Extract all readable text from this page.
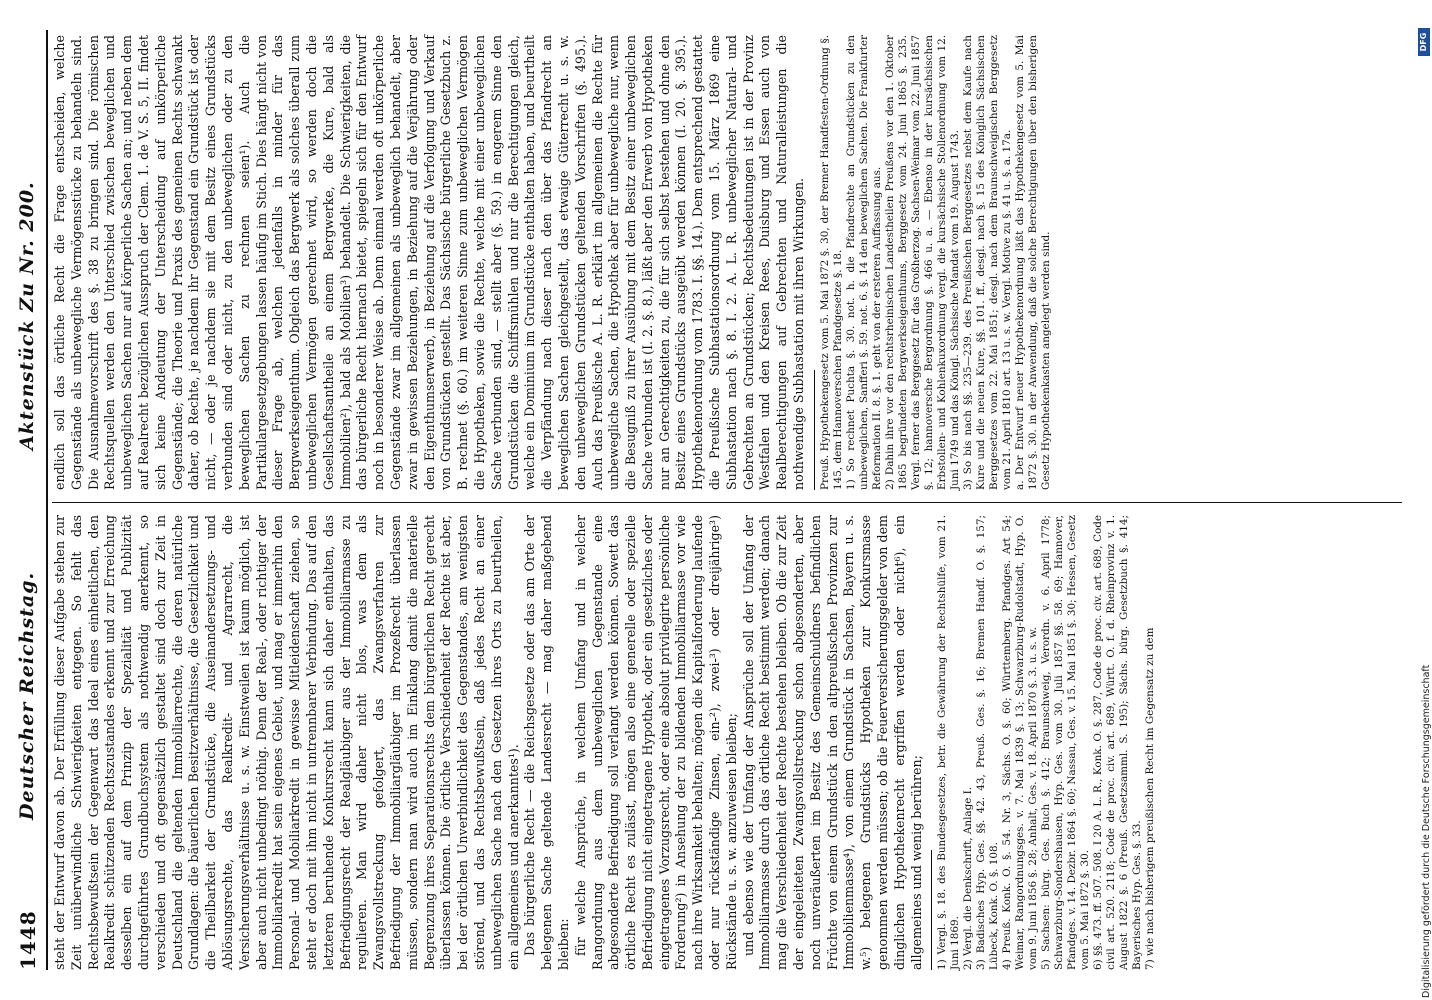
1448
Deutscher Reichstag.
Aktenstück Zu Nr. 200.

steht der Entwurf davon ab. Der Erfüllung dieser Aufgabe stehen zur Zeit unüberwindliche Schwierigkeiten entgegen. So fehlt das Rechtsbewußtsein der Gegenwart das Ideal eines einheitlichen, den Realkredit schützenden Rechtszustandes erkennt und zur Erreichung desselben ein auf dem Prinzip der Spezialität und Publizität durchgeführtes Grundbuchsystem als nothwendig anerkennt, so verschieden und oft gegensätzlich gestaltet sind doch zur Zeit in Deutschland die geltenden Immobiliarrechte, die deren natürliche Grundlagen: die bäuerlichen Besitzverhältnisse, die Gesetzlichkeit und die Theilbarkeit der Grundstücke, die Auseinandersetzungs- und Ablösungsrechte, das Realkredit- und Agrarrecht, die Versicherungsverhältnisse u. s. w. Einstweilen ist kaum möglich, ist aber auch nicht unbedingt nöthig. Denn der Real-, oder richtiger der Immobiliarkredit hat sein eigenes Gebiet, und mag er immerhin den Personal- und Mobiliarkredit in gewisse Mitleidenschaft ziehen, so steht er doch mit ihm nicht in untrennbarer Verbindung. Das auf den letzteren beruhende Konkursrecht kann sich daher enthalten, das Befriedigungsrecht der Realgläubiger aus der Immobiliarmasse zu regulieren. Man wird daher nicht blos, was dem als Zwangsvollstreckung gefolgert, das Zwangsverfahren zur Befriedigung der Immobiliargläubiger im Prozeßrecht überlassen müssen, sondern man wird auch im Einklang damit die materielle Begrenzung ihres Separationsrechts dem bürgerlichen Recht gerecht überlassen können. Die örtliche Verschiedenheit der Rechte ist aber, bei der örtlichen Unverbindlichkeit des Gegenstandes, am wenigsten störend, und das Rechtsbewußtsein, daß jedes Recht an einer unbeweglichen Sache nach den Gesetzen ihres Orts zu beurtheilen, ein allgemeines und anerkanntes¹). Das bürgerliche Recht — die Reichsgesetze oder das am Orte der belegenen Sache geltende Landesrecht — mag daher maßgebend bleiben: für welche Ansprüche, in welchem Umfang und in welcher Rangordnung aus dem unbeweglichen Gegenstande eine abgesonderte Befriedigung soll verlangt werden können. Sowett das örtliche Recht es zulässt, mögen also eine generelle oder spezielle Befriedigung nicht eingetragene Hypothek, oder ein gesetzliches oder eingetragenes Vorzugsrecht, oder eine absolut privilegirte persönliche Forderung²) in Ansehung der zu bildenden Immobiliarmasse vor wie nach ihre Wirksamkeit behalten; mögen die Kapitalforderung laufende oder nur rückständige Zinsen, ein-²), zwei-³) oder dreijährige³) Rückstände u. s. w. anzuweisen bleiben; und ebenso wie der Umfang der Ansprüche soll der Umfang der Immobiliarmasse durch das örtliche Recht bestimmt werden; danach mag die Verschiedenheit der Rechte bestehen bleiben. Ob die zur Zeit der eingeleiteten Zwangsvollstreckung schon abgesonderten, aber noch unveräußerten im Besitz des Gemeinschuldners befindlichen Früchte von einem Grundstück in den altpreußischen Provinzen zur Immobilienmasse⁴), von einem Grundstück in Sachsen, Bayern u. s. w.⁵) belegenen Grundstücks Hypotheken zur Konkursmasse genommen werden müssen; ob die Feuerversicherungsgelder von dem dinglichen Hypothekenrecht ergriffen werden oder nicht⁶), ein allgemeines und wenig berühren; 1) Vergl. §. 18. des Bundesgesetzes, betr. die Gewährung der Rechtshülfe, vom 21. Juni 1869. 2) Vergl. die Denkschrift, Anlage I. 3) Badisches Hyp. Ges. §§. 42. 43, Preuß. Ges. §. 16; Bremen Handf. O. §. 157; Lübeck, Konk. O. §. 108. 4) Preuß. Konk. O. §. 54. Nr. 3, Sächs. O. §. 60; Württemberg. Pfandges. Art 54; Weimar, Rangordnungsges. v. 7. Mai 1839 §. 13; Schwarzburg-Rudolstadt, Hyp. O. vom 9. Juni 1856 §. 28; Anhalt, Ges. v. 18. April 1870 §. 3. u. s. w. 5) Sachsen: bürg. Ges. Buch §. 412; Braunschweig, Verordn. v. 6. April 1778; Schwarzburg-Sondershausen, Hyp. Ges. vom 30. Juli 1857 §§. 58. 69; Hannover, Pfandges. v. 14. Dezbr. 1864 §. 60; Nassau, Ges. v. 15. Mai 1851 §. 30; Hessen, Gesetz vom 5. Mai 1872 §. 30. 6) §§. 473. ff. 507. 508. I 20 A. L. R., Konk. O. §. 287, Code de proc. civ. art. 689, Code civil art. 520. 2118; Code de proc. civ. art. 689, Württ. O. f. d. Rheinprovinz v. 1. August 1822 §. 6 (Preuß. Gesetzsamml. S. 195); Sächs. bürg. Gesetzbuch §. 414; Bayerisches Hyp. Ges. §. 33. 7) wie nach bisherigem preußischen Recht im Gegensatz zu dem

endlich soll das örtliche Recht die Frage entscheiden, welche Gegenstände als unbewegliche Vermögensstücke zu behandeln sind. Die Ausnahmevorschrift des §. 38 zu bringen sind. Die römischen Rechtsquellen werden den Unterschied zwischen beweglichen und unbeweglichen Sachen nur auf körperliche Sachen an; und neben dem auf Realrecht bezüglichen Ausspruch der Clem. 1. de V. S. 5, II. findet sich keine Andeutung der Unterscheidung auf unkörperliche Gegenstände; die Theorie und Praxis des gemeinen Rechts schwankt daher, ob Rechte, je nachdem ihr Gegenstand ein Grundstück ist oder nicht, — oder je nachdem sie mit dem Besitz eines Grundstücks verbunden sind oder nicht, zu den unbeweglichen oder zu den beweglichen Sachen zu rechnen seien¹). Auch die Partikulargesetzgebungen lassen häufig im Stich. Dies hängt nicht von dieser Frage ab, welchen jedenfalls in minder für das Bergwerkseigenthum. Obgleich das Bergwerk als solches überall zum unbeweglichen Vermögen gerechnet wird, so werden doch die Gesellschaftsantheile an einem Bergwerke, die Kure, bald als Immobilien²), bald als Mobilien³) behandelt. Die Schwierigkeiten, die das bürgerliche Recht hiernach bietet, spiegeln sich für den Entwurf noch in besonderer Weise ab. Denn einmal werden oft unkörperliche Gegenstände zwar im allgemeinen als unbeweglich behandelt, aber zwar in gewissen Beziehungen, in Beziehung auf die Verjährung oder den Eigenthumserwerb, in Beziehung auf die Verfolgung und Verkauf von Grundstücken gestellt. Das Sächsische bürgerliche Gesetzbuch z. B. rechnet (§. 60.) im weiteren Sinne zum unbeweglichen Vermögen die Hypotheken, sowie die Rechte, welche mit einer unbeweglichen Sache verbunden sind, — stellt aber (§. 59.) in engerem Sinne den Grundstücken die Schiffsmühlen und nur die Berechtigungen gleich, welche ein Dominium im Grundstücke enthalten haben, und beurtheilt die Verpfändung nach dieser nach den über das Pfandrecht an beweglichen Sachen gleichgestellt, das etwaige Güterrecht u. s. w. den unbeweglichen Grundstücken geltenden Vorschriften (§. 495.). Auch das Preußische A. L. R. erklärt im allgemeinen die Rechte für unbewegliche Sachen, die Hypothek aber für unbewegliche nur, wenn die Besugniß zu ihrer Ausübung mit dem Besitz einer unbeweglichen Sache verbunden ist (I. 2. §. 8.), läßt aber den Erwerb von Hypotheken nur an Gerechtigkeiten zu, die für sich selbst bestehen und ohne den Besitz eines Grundstücks ausgeübt werden können (I. 20. §. 395.). Hypothekenordnung vom 1783. I. §§. 14.). Dem entsprechend gestattet die Preußische Subhastationsordnung vom 15. März 1869 eine Subhastation nach §. 8. I. 2. A. L. R. unbeweglicher Natural- und Gebrechten an Grundstücken; Rechtsbedeutungen ist in der Provinz Westfalen und den Kreisen Rees, Duisburg und Essen auch von Realberechtigungen auf Gebrechten und Naturalleistungen die nothwendige Subhastation mit ihren Wirkungen. Preuß. Hypothekengesetz vom 5. Mai 1872 §. 30, der Bremer Handfesten-Ordnung §. 145, dem Hannoverschen Pfandgesetze §. 18. 1) So rechnet Puchta §. 30. not. h. die Pfandrechte an Grundstücken zu den unbeweglichen, Sanfferi §. 59. not. 6. §. 14 den beweglichen Sachen. Die Frankfurter Reformation II. 8. §. 1. geht von der ersteren Auffassung aus. 2) Dahin ihre vor den rechtsrheinischen Landestheilen Preußens vor den 1. Oktober 1865 begründeten Bergwerkseigenthums, Berggesetz vom 24. Juni 1865 §. 235. Vergl. ferner das Berggesetz für das Großherzog. Sachsen-Weimar vom 22. Juni 1857 §. 12; hannoversche Bergordnung §. 466 u. a. — Ebenso in der kursächsischen Erbstollen- und Kohlenkuxordnung vergl. die kursächsische Stollenordnung vom 12. Juni 1749 und das Königl. Sächsische Mandat vom 19. August 1743. 3) So bis nach §§. 235—239. des Preußischen Berggesetzes nebst dem Kaufe nach Kure und die neuen Kure, §§. 101. ff., desgl. nach §. 15 des Königlich Sächsischen Berggesetzes vom 22. Mai 1851; desgl. nach dem Braunschweigischen Berggesetz vom 21. April 1810 art. 13 u. s. w. Vergl. Motive zu §. 41 u. §. a. 17a. a. Der Entwurf neuer Hypothekenordnung läßt das Hypothekengesetz vom 5. Mai 1872 §. 30. in der Anwendung, daß die solche Berechtigungen über den bisherigen Gesetz Hypothekenkasten angelegt werden sind.

Digitalisierung gefördert durch die Deutsche Forschungsgemeinschaft
DFG
